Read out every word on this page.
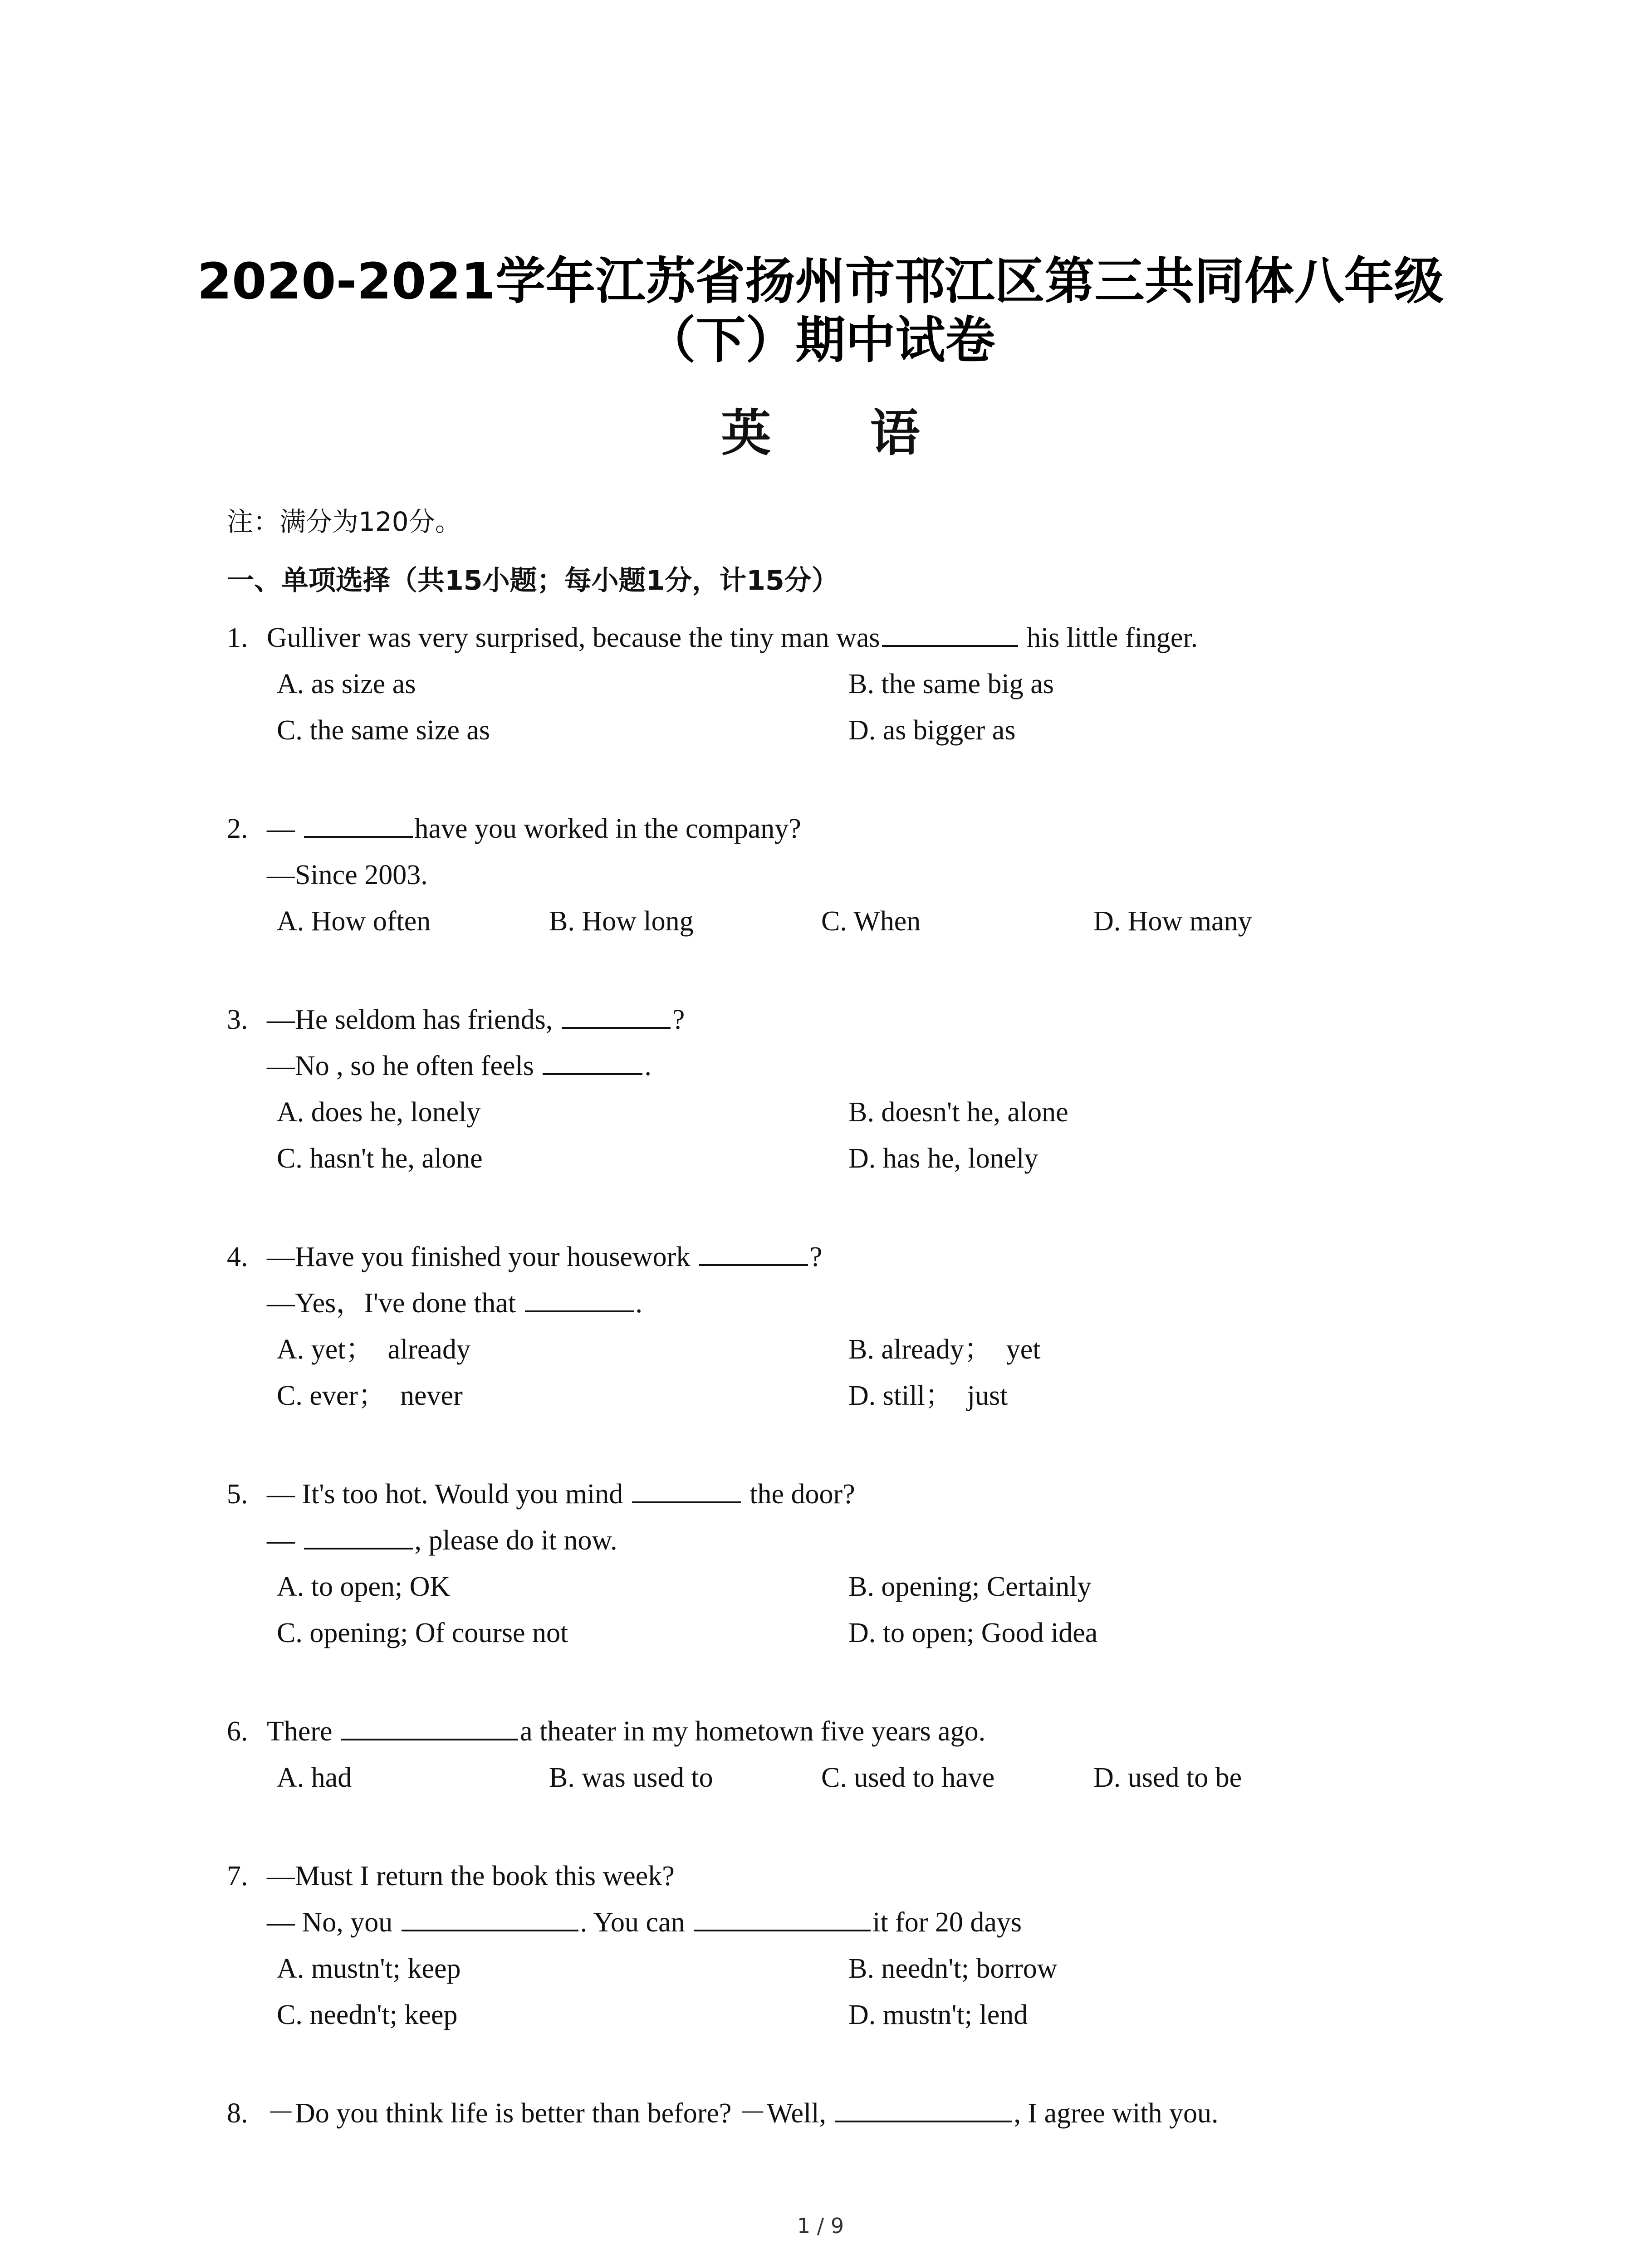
2020-2021学年江苏省扬州市邗江区第三共同体八年级
（下）期中试卷
英 语
注：满分为120分。
一、单项选择（共15小题；每小题1分，计15分）
1. Gulliver was very surprised, because the tiny man was	his little finger.
A. as size as	B. the same big as
C. the same size as	D. as bigger as
2. —	have you worked in the company?
—Since 2003.
A. How often	B. How long	C. When	D. How many
3. —He seldom has friends,	?
—No , so he often feels	.
A. does he, lonely	B. doesn't he, alone
C. hasn't he, alone	D. has he, lonely
4. —Have you finished your housework	?
—Yes，I've done that	.
A. yet；  already	B. already；  yet
C. ever；  never	D. still；  just
5. — It's too hot. Would you mind	the door?
—	, please do it now.
A. to open; OK	B. opening; Certainly
C. opening; Of course not	D. to open; Good idea
6. There	a theater in my hometown five years ago.
A. had	B. was used to	C. used to have	D. used to be
7. —Must I return the book this week?
— No, you	. You can	it for 20 days
A. mustn't; keep	B. needn't; borrow
C. needn't; keep	D. mustn't; lend
8. －Do you think life is better than before? －Well,	, I agree with you.
1 / 9
